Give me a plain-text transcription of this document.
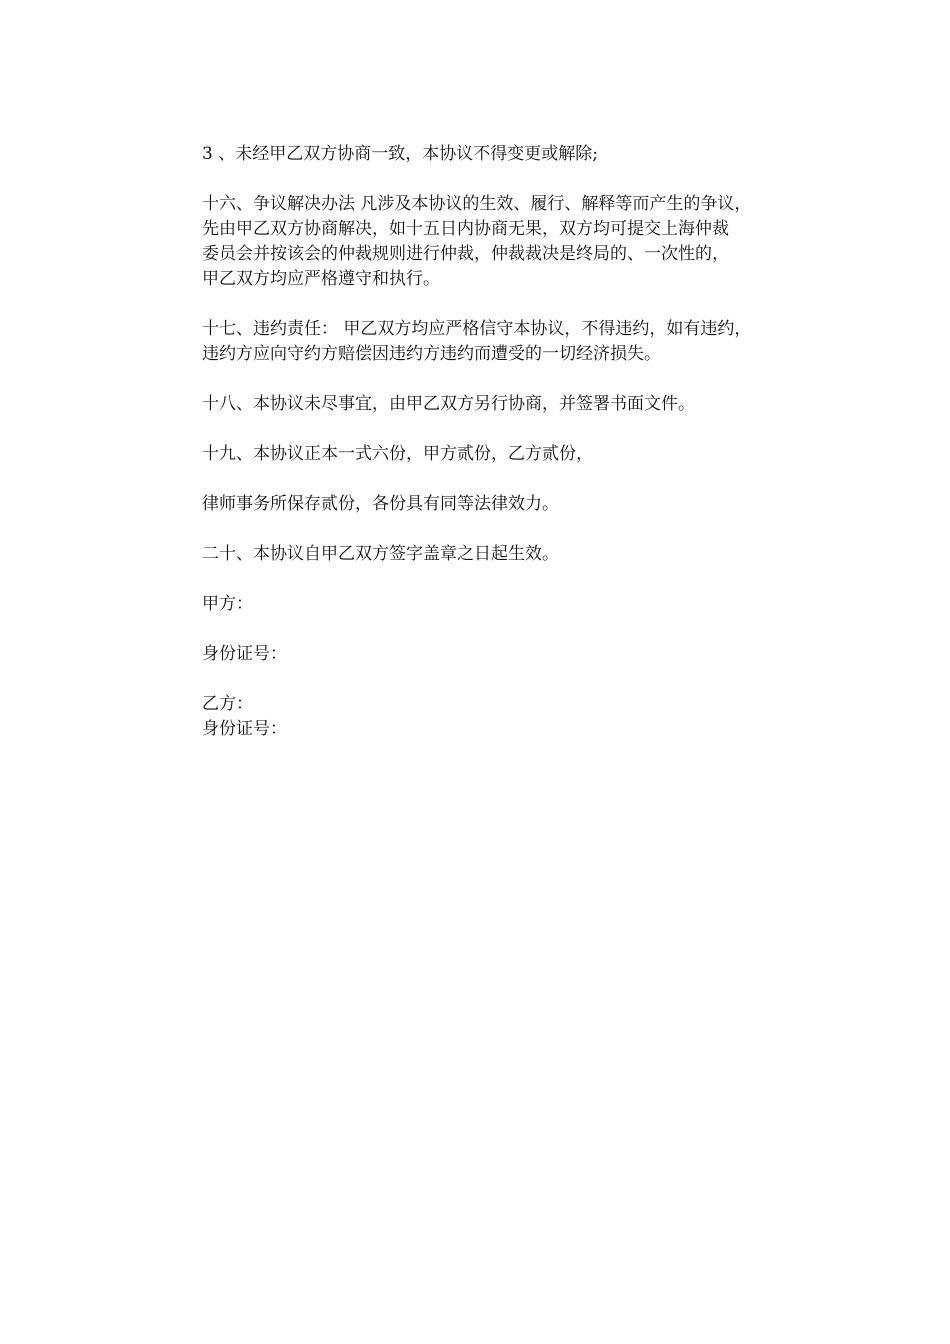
3 、未经甲乙双方协商一致，本协议不得变更或解除;

十六、争议解决办法 凡涉及本协议的生效、履行、解释等而产生的争议，
先由甲乙双方协商解决，如十五日内协商无果，双方均可提交上海仲裁
委员会并按该会的仲裁规则进行仲裁，仲裁裁决是终局的、一次性的，
甲乙双方均应严格遵守和执行。

十七、违约责任： 甲乙双方均应严格信守本协议，不得违约，如有违约，
违约方应向守约方赔偿因违约方违约而遭受的一切经济损失。

十八、本协议未尽事宜，由甲乙双方另行协商，并签署书面文件。

十九、本协议正本一式六份，甲方贰份，乙方贰份，

律师事务所保存贰份，各份具有同等法律效力。

二十、本协议自甲乙双方签字盖章之日起生效。

甲方：

身份证号：

乙方：

身份证号：
